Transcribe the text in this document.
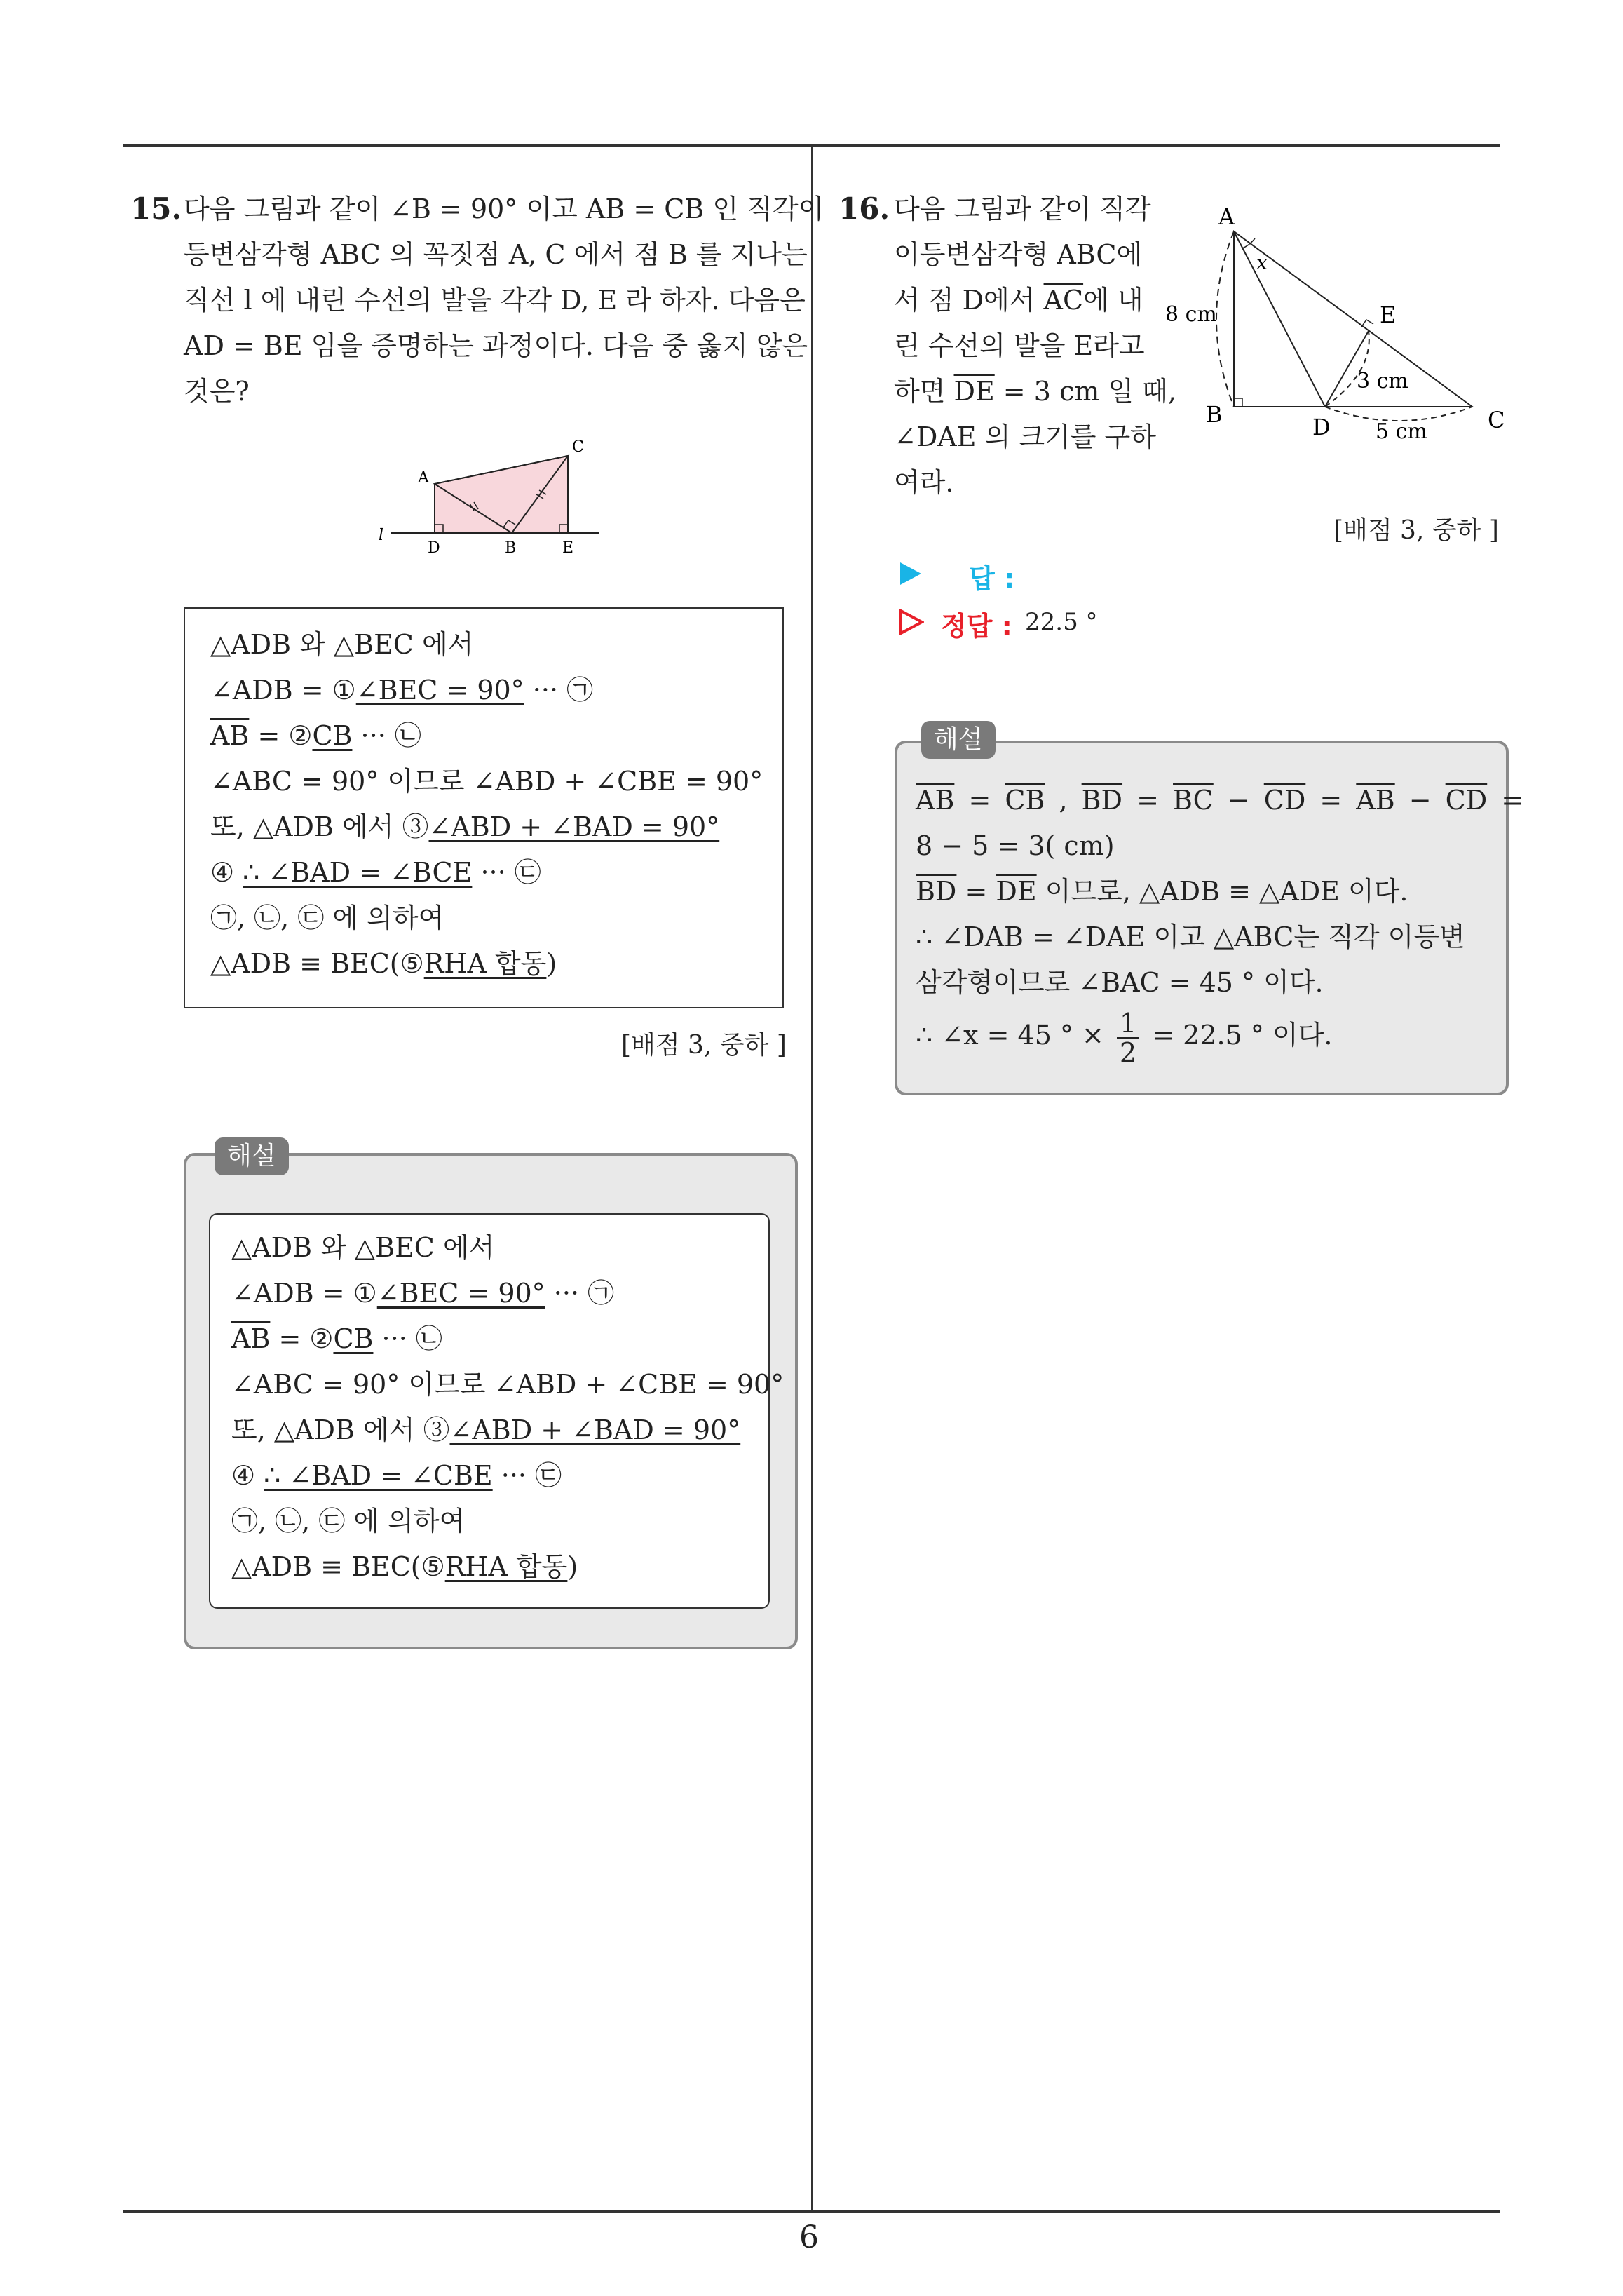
6
15. 다음 그림과 같이 ∠B = 90° 이고 AB = CB 인 직각이
등변삼각형 ABC 의 꼭짓점 A, C 에서 점 B 를 지나는
직선 l 에 내린 수선의 발을 각각 D, E 라 하자. 다음은
AD = BE 임을 증명하는 과정이다. 다음 중 옳지 않은
것은?
A
C
D	B	E
l
△ADB 와 △BEC 에서
∠ADB = ①∠BEC = 90° ··· ㉠
$\overline{AB}$ = ②CB ··· ㉡
∠ABC = 90° 이므로 ∠ABD + ∠CBE = 90°
또, △ADB 에서 ③∠ABD + ∠BAD = 90°
④ ∴ ∠BAD = ∠BCE ··· ㉢
㉠, ㉡, ㉢ 에 의하여
△ADB ≡ BEC(⑤RHA 합동)
[배점 3, 중하 ]
해설
△ADB 와 △BEC 에서
∠ADB = ①∠BEC = 90° ··· ㉠
$\overline{AB}$ = ②CB ··· ㉡
∠ABC = 90° 이므로 ∠ABD + ∠CBE = 90°
또, △ADB 에서 ③∠ABD + ∠BAD = 90°
④ ∴ ∠BAD = ∠CBE ··· ㉢
㉠, ㉡, ㉢ 에 의하여
△ADB ≡ BEC(⑤RHA 합동)
16. 다음 그림과 같이 직각
이등변삼각형 ABC에
서 점 D에서 $\overline{AC}$에 내
린 수선의 발을 E라고
하면 $\overline{DE} = 3$ cm 일 때,
∠DAE 의 크기를 구하
여라.
A
B	C
D
E
x
8 cm
3 cm
5 cm
[배점 3, 중하 ]
답 :
정답 : 22.5 °
해설
$\overline{AB} = \overline{CB}$ , $\overline{BD} = \overline{BC} - \overline{CD} = \overline{AB} - \overline{CD}$ =
8 − 5 = 3( cm)
$\overline{BD} = \overline{DE}$ 이므로, △ADB ≡ △ADE 이다.
∴ ∠DAB = ∠DAE 이고 △ABC는 직각 이등변
삼각형이므로 ∠BAC = 45 ° 이다.
∴ ∠x = 45 ° × $\frac{1}{2} = 22.5$ ° 이다.
